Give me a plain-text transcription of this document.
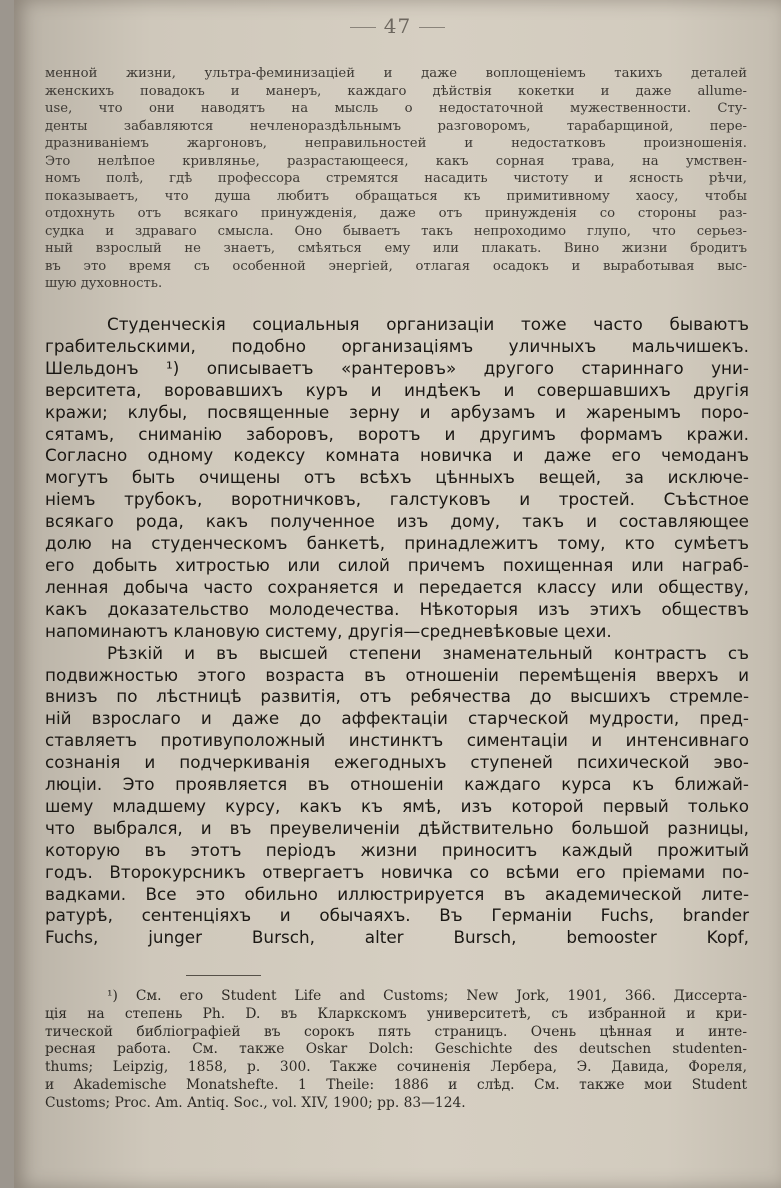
47
менной жизни, ультра-феминизацiей и даже воплощенiемъ такихъ деталей
женскихъ повадокъ и манеръ, каждаго дѣйствiя кокетки и даже allume-
use, что они наводятъ на мысль о недостаточной мужественности. Сту-
денты забавляются нечленораздѣльнымъ разговоромъ, тарабарщиной, пере-
дразниванiемъ жаргоновъ, неправильностей и недостатковъ произношенiя.
Это нелѣпое кривлянье, разрастающееся, какъ сорная трава, на умствен-
номъ полѣ, гдѣ профессора стремятся насадить чистоту и ясность рѣчи,
показываетъ, что душа любитъ обращаться къ примитивному хаосу, чтобы
отдохнуть отъ всякаго принужденiя, даже отъ принужденiя со стороны раз-
судка и здраваго смысла. Оно бываетъ такъ непроходимо глупо, что серьез-
ный взрослый не знаетъ, смѣяться ему или плакать. Вино жизни бродитъ
въ это время съ особенной энергiей, отлагая осадокъ и выработывая выс-
шую духовность.
Студенческiя социальныя организацiи тоже часто бываютъ
грабительскими, подобно организацiямъ уличныхъ мальчишекъ.
Шельдонъ ¹) описываетъ «рантеровъ» другого стариннаго уни-
верситета, воровавшихъ куръ и индѣекъ и совершавшихъ другiя
кражи; клубы, посвященные зерну и арбузамъ и жаренымъ поро-
сятамъ, сниманiю заборовъ, воротъ и другимъ формамъ кражи.
Согласно одному кодексу комната новичка и даже его чемоданъ
могутъ быть очищены отъ всѣхъ цѣнныхъ вещей, за исключе-
нiемъ трубокъ, воротничковъ, галстуковъ и тростей. Съѣстное
всякаго рода, какъ полученное изъ дому, такъ и составляющее
долю на студенческомъ банкетѣ, принадлежитъ тому, кто сумѣетъ
его добыть хитростью или силой причемъ похищенная или награб-
ленная добыча часто сохраняется и передается классу или обществу,
какъ доказательство молодечества. Нѣкоторыя изъ этихъ обществъ
напоминаютъ клановую систему, другiя—средневѣковые цехи.
Рѣзкiй и въ высшей степени знаменательный контрастъ съ
подвижностью этого возраста въ отношенiи перемѣщенiя вверхъ и
внизъ по лѣстницѣ развитiя, отъ ребячества до высшихъ стремле-
нiй взрослаго и даже до аффектацiи старческой мудрости, пред-
ставляетъ противуположный инстинктъ симентацiи и интенсивнаго
сознанiя и подчеркиванiя ежегодныхъ ступеней психической эво-
люцiи. Это проявляется въ отношенiи каждаго курса къ ближай-
шему младшему курсу, какъ къ ямѣ, изъ которой первый только
что выбрался, и въ преувеличенiи дѣйствительно большой разницы,
которую въ этотъ перiодъ жизни приноситъ каждый прожитый
годъ. Второкурсникъ отвергаетъ новичка со всѣми его прiемами по-
вадками. Все это обильно иллюстрируется въ академической лите-
ратурѣ, сентенцiяхъ и обычаяхъ. Въ Германiи Fuchs, brander
Fuchs, junger Bursch, alter Bursch, bemooster Kopf,
¹) См. его Student Life and Customs; New Jork, 1901, 366. Диссерта-
цiя на степень Ph. D. въ Кларкскомъ университетѣ, съ избранной и кри-
тической библiографiей въ сорокъ пять страницъ. Очень цѣнная и инте-
ресная работа. См. также Oskar Dolch: Geschichte des deutschen studenten-
thums; Leipzig, 1858, p. 300. Также сочиненiя Лербера, Э. Давида, Фореля,
и Akademische Monatshefte. 1 Theile: 1886 и слѣд. См. также мои Student
Customs; Proc. Am. Antiq. Soc., vol. XIV, 1900; pp. 83—124.
